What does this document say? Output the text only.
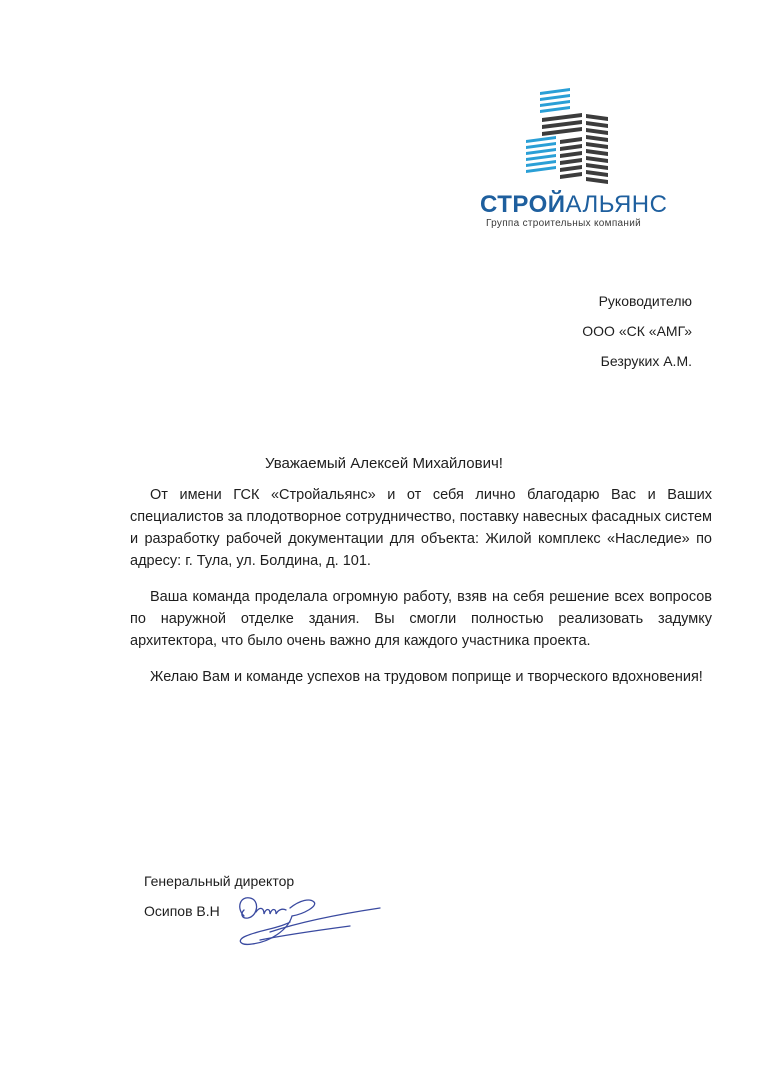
СТРОЙАЛЬЯНС
Группа строительных компаний
Руководителю
ООО «СК «АМГ»
Безруких А.М.
Уважаемый Алексей Михайлович!

От имени ГСК «Стройальянс» и от себя лично благодарю Вас и Ваших специалистов за плодотворное сотрудничество, поставку навесных фасадных систем и разработку рабочей документации для объекта: Жилой комплекс «Наследие» по адресу: г. Тула, ул. Болдина, д. 101.

Ваша команда проделала огромную работу, взяв на себя решение всех вопросов по наружной отделке здания. Вы смогли полностью реализовать задумку архитектора, что было очень важно для каждого участника проекта.

Желаю Вам и команде успехов на трудовом поприще и творческого вдохновения!

Генеральный директор
Осипов В.Н
